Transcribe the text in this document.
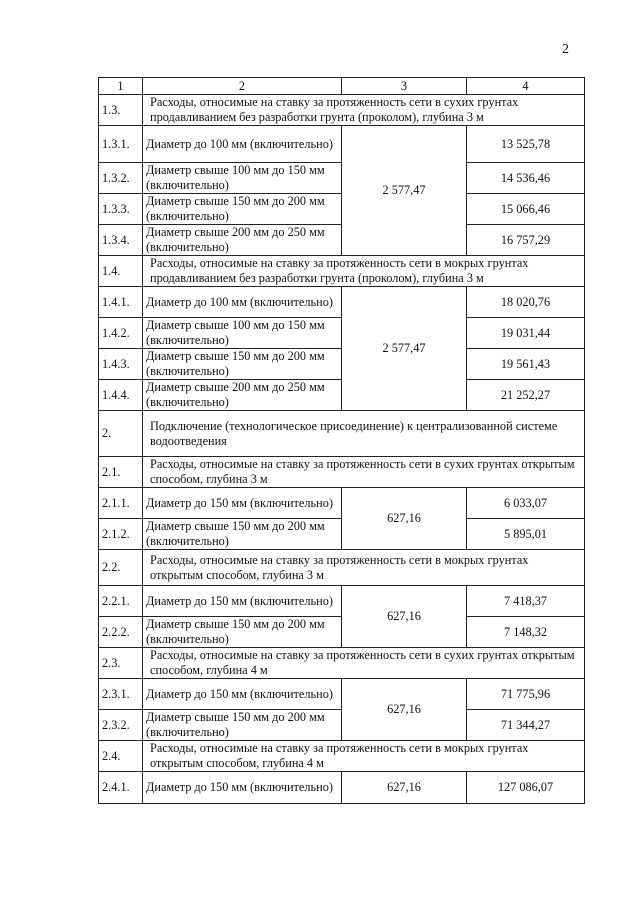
2
1	2	3	4
1.3.	Расходы, относимые на ставку за протяженность сети в сухих грунтах продавливанием без разработки грунта (проколом), глубина 3 м		
1.3.1.	Диаметр до 100 мм (включительно)	2 577,47	13 525,78
1.3.2.	Диаметр свыше 100 мм до 150 мм (включительно)		14 536,46
1.3.3.	Диаметр свыше 150 мм до 200 мм (включительно)		15 066,46
1.3.4.	Диаметр свыше 200 мм до 250 мм (включительно)		16 757,29
1.4.	Расходы, относимые на ставку за протяженность сети в мокрых грунтах продавливанием без разработки грунта (проколом), глубина 3 м		
1.4.1.	Диаметр до 100 мм (включительно)	2 577,47	18 020,76
1.4.2.	Диаметр свыше 100 мм до 150 мм (включительно)		19 031,44
1.4.3.	Диаметр свыше 150 мм до 200 мм (включительно)		19 561,43
1.4.4.	Диаметр свыше 200 мм до 250 мм (включительно)		21 252,27
2.	Подключение (технологическое присоединение) к централизованной системе водоотведения		
2.1.	Расходы, относимые на ставку за протяженность сети в сухих грунтах открытым способом, глубина 3 м		
2.1.1.	Диаметр до 150 мм (включительно)	627,16	6 033,07
2.1.2.	Диаметр свыше 150 мм до 200 мм (включительно)		5 895,01
2.2.	Расходы, относимые на ставку за протяженность сети в мокрых грунтах открытым способом, глубина 3 м		
2.2.1.	Диаметр до 150 мм (включительно)	627,16	7 418,37
2.2.2.	Диаметр свыше 150 мм до 200 мм (включительно)		7 148,32
2.3.	Расходы, относимые на ставку за протяженность сети в сухих грунтах открытым способом, глубина 4 м		
2.3.1.	Диаметр до 150 мм (включительно)	627,16	71 775,96
2.3.2.	Диаметр свыше 150 мм до 200 мм (включительно)		71 344,27
2.4.	Расходы, относимые на ставку за протяженность сети в мокрых грунтах открытым способом, глубина 4 м		
2.4.1.	Диаметр до 150 мм (включительно)	627,16	127 086,07
